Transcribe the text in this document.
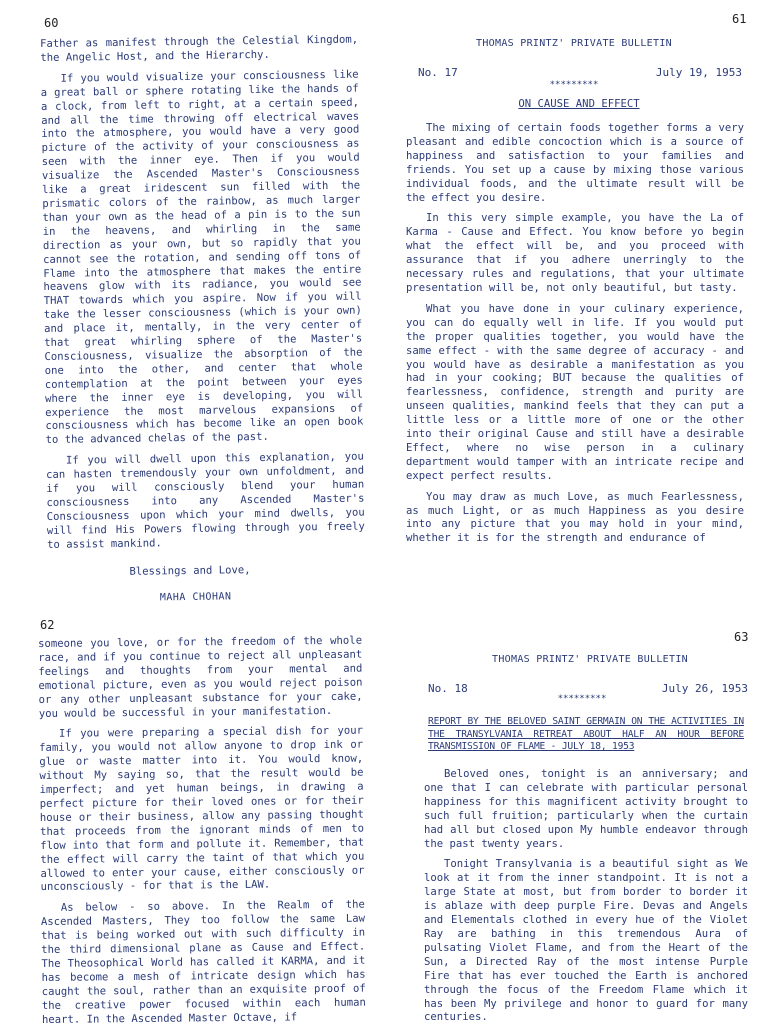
60

Father as manifest through the Celestial Kingdom, the Angelic Host, and the Hierarchy.

If you would visualize your consciousness like a great ball or sphere rotating like the hands of a clock, from left to right, at a certain speed, and all the time throwing off electrical waves into the atmosphere, you would have a very good picture of the activity of your consciousness as seen with the inner eye. Then if you would visualize the Ascended Master's Consciousness like a great iridescent sun filled with the prismatic colors of the rainbow, as much larger than your own as the head of a pin is to the sun in the heavens, and whirling in the same direction as your own, but so rapidly that you cannot see the rotation, and sending off tons of Flame into the atmosphere that makes the entire heavens glow with its radiance, you would see THAT towards which you aspire. Now if you will take the lesser consciousness (which is your own) and place it, mentally, in the very center of that great whirling sphere of the Master's Consciousness, visualize the absorption of the one into the other, and center that whole contemplation at the point between your eyes where the inner eye is developing, you will experience the most marvelous expansions of consciousness which has become like an open book to the advanced chelas of the past.

If you will dwell upon this explanation, you can hasten tremendously your own unfoldment, and if you will consciously blend your human consciousness into any Ascended Master's Consciousness upon which your mind dwells, you will find His Powers flowing through you freely to assist mankind.

Blessings and Love,
MAHA CHOHAN
61
THOMAS PRINTZ' PRIVATE BULLETIN
No. 17	July 19, 1953
*********
ON CAUSE AND EFFECT

The mixing of certain foods together forms a very pleasant and edible concoction which is a source of happiness and satisfaction to your families and friends. You set up a cause by mixing those various individual foods, and the ultimate result will be the effect you desire.

In this very simple example, you have the La of Karma - Cause and Effect. You know before yo begin what the effect will be, and you proceed with assurance that if you adhere unerringly to the necessary rules and regulations, that your ultimate presentation will be, not only beautiful, but tasty.

What you have done in your culinary experience, you can do equally well in life. If you would put the proper qualities together, you would have the same effect - with the same degree of accuracy - and you would have as desirable a manifestation as you had in your cooking; BUT because the qualities of fearlessness, confidence, strength and purity are unseen qualities, mankind feels that they can put a little less or a little more of one or the other into their original Cause and still have a desirable Effect, where no wise person in a culinary department would tamper with an intricate recipe and expect perfect results.

You may draw as much Love, as much Fearlessness, as much Light, or as much Happiness as you desire into any picture that you may hold in your mind, whether it is for the strength and endurance of

62

someone you love, or for the freedom of the whole race, and if you continue to reject all unpleasant feelings and thoughts from your mental and emotional picture, even as you would reject poison or any other unpleasant substance for your cake, you would be successful in your manifestation.

If you were preparing a special dish for your family, you would not allow anyone to drop ink or glue or waste matter into it. You would know, without My saying so, that the result would be imperfect; and yet human beings, in drawing a perfect picture for their loved ones or for their house or their business, allow any passing thought that proceeds from the ignorant minds of men to flow into that form and pollute it. Remember, that the effect will carry the taint of that which you allowed to enter your cause, either consciously or unconsciously - for that is the LAW.

As below - so above. In the Realm of the Ascended Masters, They too follow the same Law that is being worked out with such difficulty in the third dimensional plane as Cause and Effect. The Theosophical World has called it KARMA, and it has become a mesh of intricate design which has caught the soul, rather than an exquisite proof of the creative power focused within each human heart. In the Ascended Master Octave, if

63
THOMAS PRINTZ' PRIVATE BULLETIN
No. 18	July 26, 1953
*********
REPORT BY THE BELOVED SAINT GERMAIN ON THE ACTIVITIES IN THE TRANSYLVANIA RETREAT ABOUT HALF AN HOUR BEFORE TRANSMISSION OF FLAME - JULY 18, 1953

Beloved ones, tonight is an anniversary; and one that I can celebrate with particular personal happiness for this magnificent activity brought to such full fruition; particularly when the curtain had all but closed upon My humble endeavor through the past twenty years.

Tonight Transylvania is a beautiful sight as We look at it from the inner standpoint. It is not a large State at most, but from border to border it is ablaze with deep purple Fire. Devas and Angels and Elementals clothed in every hue of the Violet Ray are bathing in this tremendous Aura of pulsating Violet Flame, and from the Heart of the Sun, a Directed Ray of the most intense Purple Fire that has ever touched the Earth is anchored through the focus of the Freedom Flame which it has been My privilege and honor to guard for many centuries.
